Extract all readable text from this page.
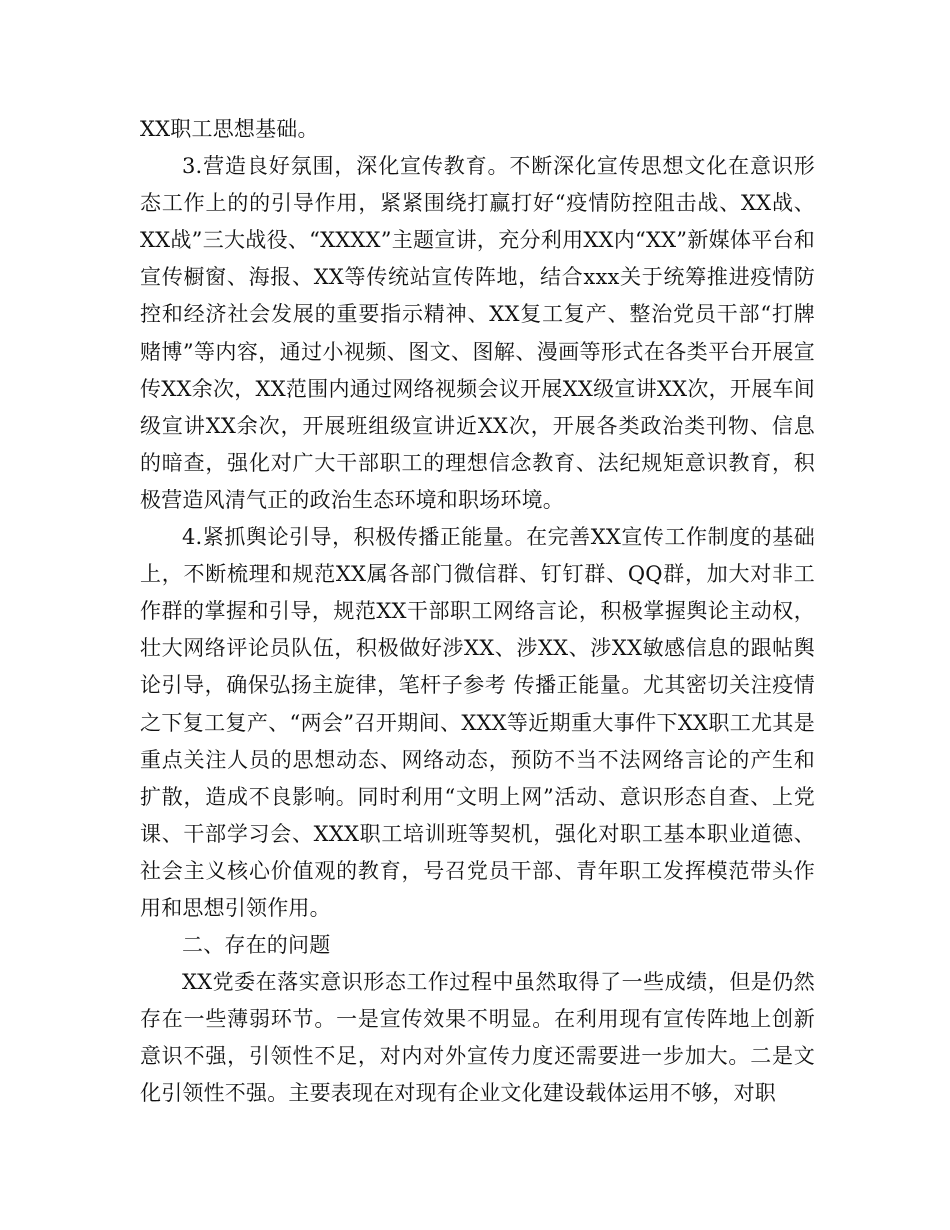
XX职工思想基础。

3.营造良好氛围，深化宣传教育。不断深化宣传思想文化在意识形态工作上的的引导作用，紧紧围绕打赢打好“疫情防控阻击战、XX战、XX战”三大战役、“XXXX”主题宣讲，充分利用XX内“XX”新媒体平台和宣传橱窗、海报、XX等传统站宣传阵地，结合xxx关于统筹推进疫情防控和经济社会发展的重要指示精神、XX复工复产、整治党员干部“打牌赌博”等内容，通过小视频、图文、图解、漫画等形式在各类平台开展宣传XX余次，XX范围内通过网络视频会议开展XX级宣讲XX次，开展车间级宣讲XX余次，开展班组级宣讲近XX次，开展各类政治类刊物、信息的暗查，强化对广大干部职工的理想信念教育、法纪规矩意识教育，积极营造风清气正的政治生态环境和职场环境。

4.紧抓舆论引导，积极传播正能量。在完善XX宣传工作制度的基础上，不断梳理和规范XX属各部门微信群、钉钉群、QQ群，加大对非工作群的掌握和引导，规范XX干部职工网络言论，积极掌握舆论主动权，壮大网络评论员队伍，积极做好涉XX、涉XX、涉XX敏感信息的跟帖舆论引导，确保弘扬主旋律，笔杆子参考 传播正能量。尤其密切关注疫情之下复工复产、“两会”召开期间、XXX等近期重大事件下XX职工尤其是重点关注人员的思想动态、网络动态，预防不当不法网络言论的产生和扩散，造成不良影响。同时利用“文明上网”活动、意识形态自查、上党课、干部学习会、XXX职工培训班等契机，强化对职工基本职业道德、社会主义核心价值观的教育，号召党员干部、青年职工发挥模范带头作用和思想引领作用。

二、存在的问题

XX党委在落实意识形态工作过程中虽然取得了一些成绩，但是仍然存在一些薄弱环节。一是宣传效果不明显。在利用现有宣传阵地上创新意识不强，引领性不足，对内对外宣传力度还需要进一步加大。二是文化引领性不强。主要表现在对现有企业文化建设载体运用不够，对职
